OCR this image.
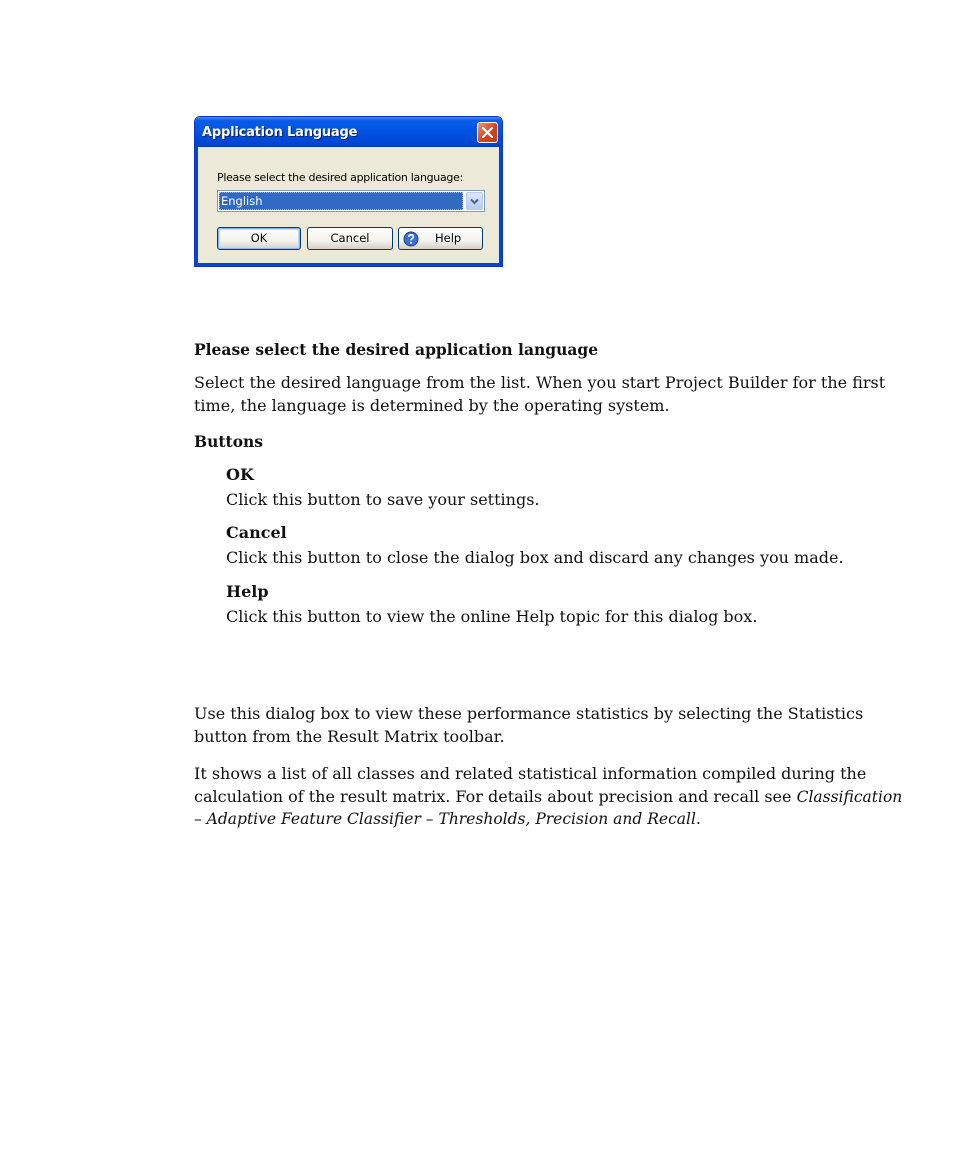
Application Language
Please select the desired application language:
English
OK	Cancel	Help
Please select the desired application language
Select the desired language from the list. When you start Project Builder for the first
time, the language is determined by the operating system.
Buttons
OK
Click this button to save your settings.
Cancel
Click this button to close the dialog box and discard any changes you made.
Help
Click this button to view the online Help topic for this dialog box.
Use this dialog box to view these performance statistics by selecting the Statistics
button from the Result Matrix toolbar.
It shows a list of all classes and related statistical information compiled during the
calculation of the result matrix. For details about precision and recall see Classification
– Adaptive Feature Classifier – Thresholds, Precision and Recall.
